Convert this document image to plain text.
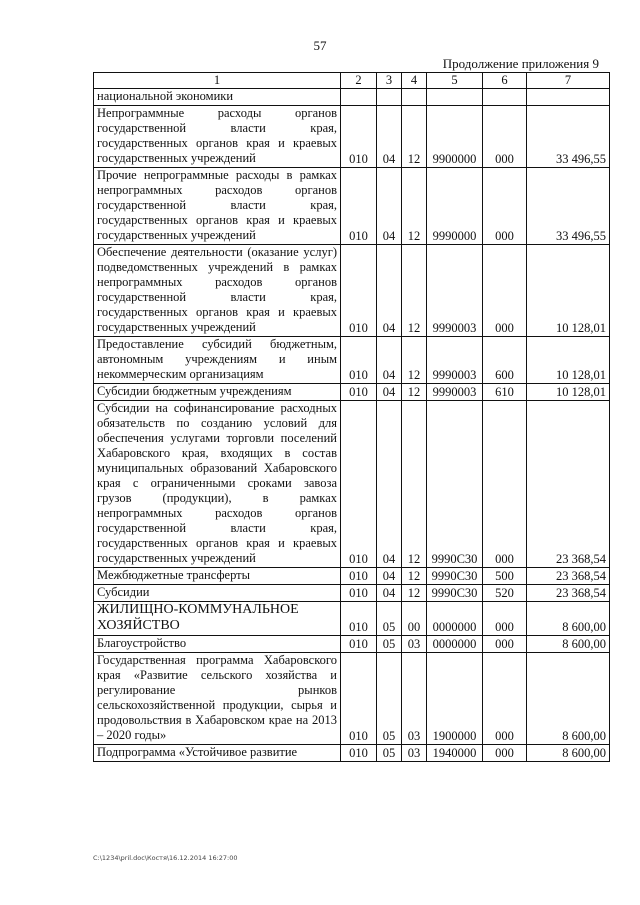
57
Продолжение приложения 9
1	2	3	4	5	6	7
национальной экономики						
Непрограммные расходы органов государственной власти края, государственных органов края и краевых государственных учреждений	010	04	12	9900000	000	33 496,55
Прочие непрограммные расходы в рамках непрограммных расходов органов государственной власти края, государственных органов края и краевых государственных учреждений	010	04	12	9990000	000	33 496,55
Обеспечение деятельности (оказание услуг) подведомственных учреждений в рамках непрограммных расходов органов государственной власти края, государственных органов края и краевых государственных учреждений	010	04	12	9990003	000	10 128,01
Предоставление субсидий бюджетным, автономным учреждениям и иным некоммерческим организациям	010	04	12	9990003	600	10 128,01
Субсидии бюджетным учреждениям	010	04	12	9990003	610	10 128,01
Субсидии на софинансирование расходных обязательств по созданию условий для обеспечения услугами торговли поселений Хабаровского края, входящих в состав муниципальных образований Хабаровского края с ограниченными сроками завоза грузов (продукции), в рамках непрограммных расходов органов государственной власти края, государственных органов края и краевых государственных учреждений	010	04	12	9990С30	000	23 368,54
Межбюджетные трансферты	010	04	12	9990С30	500	23 368,54
Субсидии	010	04	12	9990С30	520	23 368,54
ЖИЛИЩНО-КОММУНАЛЬНОЕ ХОЗЯЙСТВО	010	05	00	0000000	000	8 600,00
Благоустройство	010	05	03	0000000	000	8 600,00
Государственная программа Хабаровского края «Развитие сельского хозяйства и регулирование рынков сельскохозяйственной продукции, сырья и продовольствия в Хабаровском крае на 2013 – 2020 годы»	010	05	03	1900000	000	8 600,00
Подпрограмма «Устойчивое развитие	010	05	03	1940000	000	8 600,00
C:\1234\pril.doc\Костя\16.12.2014 16:27:00
